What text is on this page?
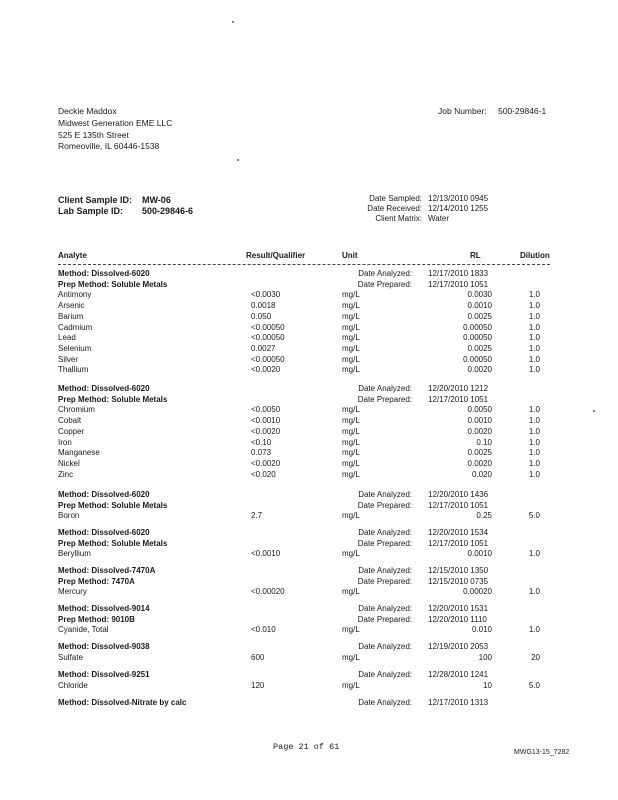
Deckie Maddox
Midwest Generation EME LLC
525 E 135th Street
Romeoville, IL 60446-1538
Job Number: 500-29846-1
Client Sample ID: MW-06
Lab Sample ID: 500-29846-6
Date Sampled: 12/13/2010 0945
Date Received: 12/14/2010 1255
Client Matrix: Water
Analyte	Result/Qualifier	Unit	RL	Dilution
Method: Dissolved-6020	Date Analyzed: 12/17/2010 1833
Prep Method: Soluble Metals	Date Prepared: 12/17/2010 1051
Antimony	<0.0030	mg/L	0.0030	1.0
Arsenic	0.0018	mg/L	0.0010	1.0
Barium	0.050	mg/L	0.0025	1.0
Cadmium	<0.00050	mg/L	0.00050	1.0
Lead	<0.00050	mg/L	0.00050	1.0
Selenium	0.0027	mg/L	0.0025	1.0
Silver	<0.00050	mg/L	0.00050	1.0
Thallium	<0.0020	mg/L	0.0020	1.0
Method: Dissolved-6020	Date Analyzed: 12/20/2010 1212
Prep Method: Soluble Metals	Date Prepared: 12/17/2010 1051
Chromium	<0.0050	mg/L	0.0050	1.0
Cobalt	<0.0010	mg/L	0.0010	1.0
Copper	<0.0020	mg/L	0.0020	1.0
Iron	<0.10	mg/L	0.10	1.0
Manganese	0.073	mg/L	0.0025	1.0
Nickel	<0.0020	mg/L	0.0020	1.0
Zinc	<0.020	mg/L	0.020	1.0
Method: Dissolved-6020	Date Analyzed: 12/20/2010 1436
Prep Method: Soluble Metals	Date Prepared: 12/17/2010 1051
Boron	2.7	mg/L	0.25	5.0
Method: Dissolved-6020	Date Analyzed: 12/20/2010 1534
Prep Method: Soluble Metals	Date Prepared: 12/17/2010 1051
Beryllium	<0.0010	mg/L	0.0010	1.0
Method: Dissolved-7470A	Date Analyzed: 12/15/2010 1350
Prep Method: 7470A	Date Prepared: 12/15/2010 0735
Mercury	<0.00020	mg/L	0.00020	1.0
Method: Dissolved-9014	Date Analyzed: 12/20/2010 1531
Prep Method: 9010B	Date Prepared: 12/20/2010 1110
Cyanide, Total	<0.010	mg/L	0.010	1.0
Method: Dissolved-9038	Date Analyzed: 12/19/2010 2053
Sulfate	600	mg/L	100	20
Method: Dissolved-9251	Date Analyzed: 12/28/2010 1241
Chloride	120	mg/L	10	5.0
Method: Dissolved-Nitrate by calc	Date Analyzed: 12/17/2010 1313
Page 21 of 61
MWG13-15_7282
